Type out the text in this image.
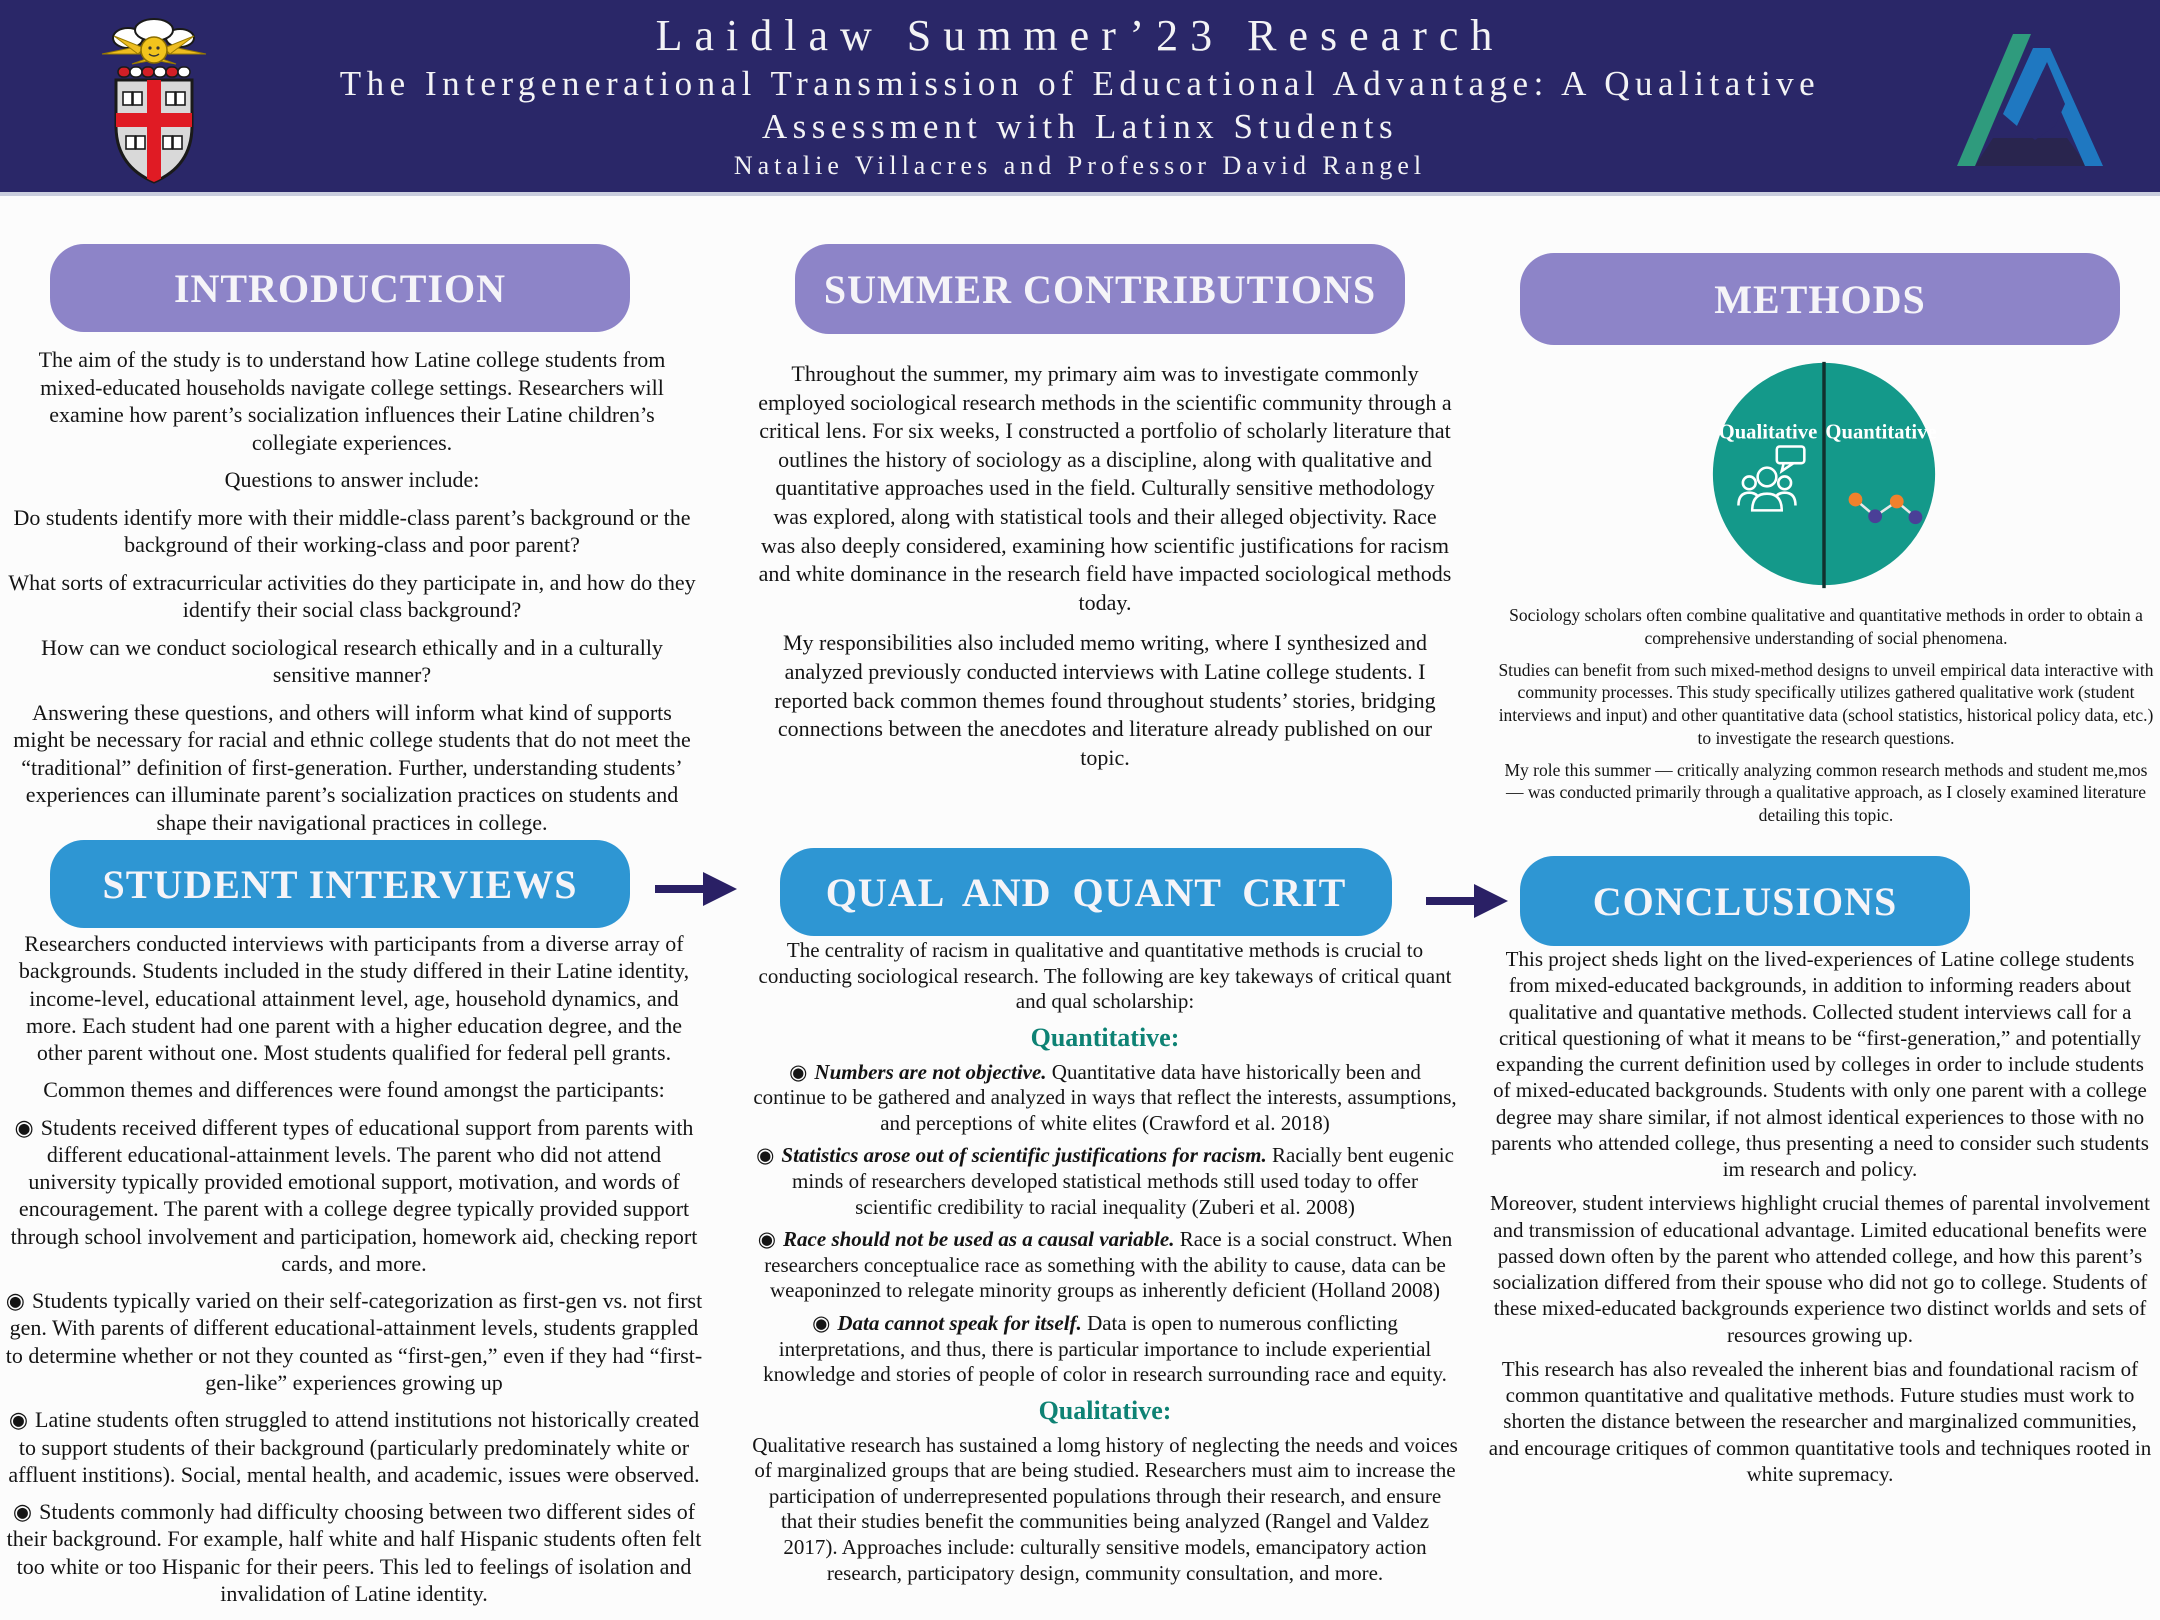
Laidlaw Summer’23 Research
The Intergenerational Transmission of Educational Advantage: A Qualitative Assessment with Latinx Students
Natalie Villacres and Professor David Rangel
INTRODUCTION	SUMMER CONTRIBUTIONS	METHODS

The aim of the study is to understand how Latine college students from mixed-educated households navigate college settings. Researchers will examine how parent’s socialization influences their Latine children’s collegiate experiences.

Questions to answer include:

Do students identify more with their middle-class parent’s background or the background of their working-class and poor parent?

What sorts of extracurricular activities do they participate in, and how do they identify their social class background?

How can we conduct sociological research ethically and in a culturally sensitive manner?

Answering these questions, and others will inform what kind of supports might be necessary for racial and ethnic college students that do not meet the “traditional” definition of first-generation. Further, understanding students’ experiences can illuminate parent’s socialization practices on students and shape their navigational practices in college.

Throughout the summer, my primary aim was to investigate commonly employed sociological research methods in the scientific community through a critical lens. For six weeks, I constructed a portfolio of scholarly literature that outlines the history of sociology as a discipline, along with qualitative and quantitative approaches used in the field. Culturally sensitive methodology was explored, along with statistical tools and their alleged objectivity. Race was also deeply considered, examining how scientific justifications for racism and white dominance in the research field have impacted sociological methods today.

My responsibilities also included memo writing, where I synthesized and analyzed previously conducted interviews with Latine college students. I reported back common themes found throughout students’ stories, bridging connections between the anecdotes and literature already published on our topic.

Qualitative Quantitative

Sociology scholars often combine qualitative and quantitative methods in order to obtain a comprehensive understanding of social phenomena.

Studies can benefit from such mixed-method designs to unveil empirical data interactive with community processes. This study specifically utilizes gathered qualitative work (student interviews and input) and other quantitative data (school statistics, historical policy data, etc.) to investigate the research questions.

My role this summer — critically analyzing common research methods and student me,mos— was conducted primarily through a qualitative approach, as I closely examined literature detailing this topic.

STUDENT INTERVIEWS	QUAL AND QUANT CRIT	CONCLUSIONS

Researchers conducted interviews with participants from a diverse array of backgrounds. Students included in the study differed in their Latine identity, income-level, educational attainment level, age, household dynamics, and more. Each student had one parent with a higher education degree, and the other parent without one. Most students qualified for federal pell grants.

Common themes and differences were found amongst the participants:

◉ Students received different types of educational support from parents with different educational-attainment levels. The parent who did not attend university typically provided emotional support, motivation, and words of encouragement. The parent with a college degree typically provided support through school involvement and participation, homework aid, checking report cards, and more.

◉ Students typically varied on their self-categorization as first-gen vs. not first gen. With parents of different educational-attainment levels, students grappled to determine whether or not they counted as “first-gen,” even if they had “first-gen-like” experiences growing up

◉ Latine students often struggled to attend institutions not historically created to support students of their background (particularly predominately white or affluent institions). Social, mental health, and academic, issues were observed.

◉ Students commonly had difficulty choosing between two different sides of their background. For example, half white and half Hispanic students often felt too white or too Hispanic for their peers. This led to feelings of isolation and invalidation of Latine identity.

The centrality of racism in qualitative and quantitative methods is crucial to conducting sociological research. The following are key takeways of critical quant and qual scholarship:

Quantitative:

◉ Numbers are not objective. Quantitative data have historically been and continue to be gathered and analyzed in ways that reflect the interests, assumptions, and perceptions of white elites (Crawford et al. 2018)

◉ Statistics arose out of scientific justifications for racism. Racially bent eugenic minds of researchers developed statistical methods still used today to offer scientific credibility to racial inequality (Zuberi et al. 2008)

◉ Race should not be used as a causal variable. Race is a social construct. When researchers conceptualice race as something with the ability to cause, data can be weaponinzed to relegate minority groups as inherently deficient (Holland 2008)

◉ Data cannot speak for itself. Data is open to numerous conflicting interpretations, and thus, there is particular importance to include experiential knowledge and stories of people of color in research surrounding race and equity.

Qualitative:

Qualitative research has sustained a lomg history of neglecting the needs and voices of marginalized groups that are being studied. Researchers must aim to increase the participation of underrepresented populations through their research, and ensure that their studies benefit the communities being analyzed (Rangel and Valdez 2017). Approaches include: culturally sensitive models, emancipatory action research, participatory design, community consultation, and more.

This project sheds light on the lived-experiences of Latine college students from mixed-educated backgrounds, in addition to informing readers about qualitative and quantative methods. Collected student interviews call for a critical questioning of what it means to be “first-generation,” and potentially expanding the current definition used by colleges in order to include students of mixed-educated backgrounds. Students with only one parent with a college degree may share similar, if not almost identical experiences to those with no parents who attended college, thus presenting a need to consider such students im research and policy.

Moreover, student interviews highlight crucial themes of parental involvement and transmission of educational advantage. Limited educational benefits were passed down often by the parent who attended college, and how this parent’s socialization differed from their spouse who did not go to college. Students of these mixed-educated backgrounds experience two distinct worlds and sets of resources growing up.

This research has also revealed the inherent bias and foundational racism of common quantitative and qualitative methods. Future studies must work to shorten the distance between the researcher and marginalized communities, and encourage critiques of common quantitative tools and techniques rooted in white supremacy.
